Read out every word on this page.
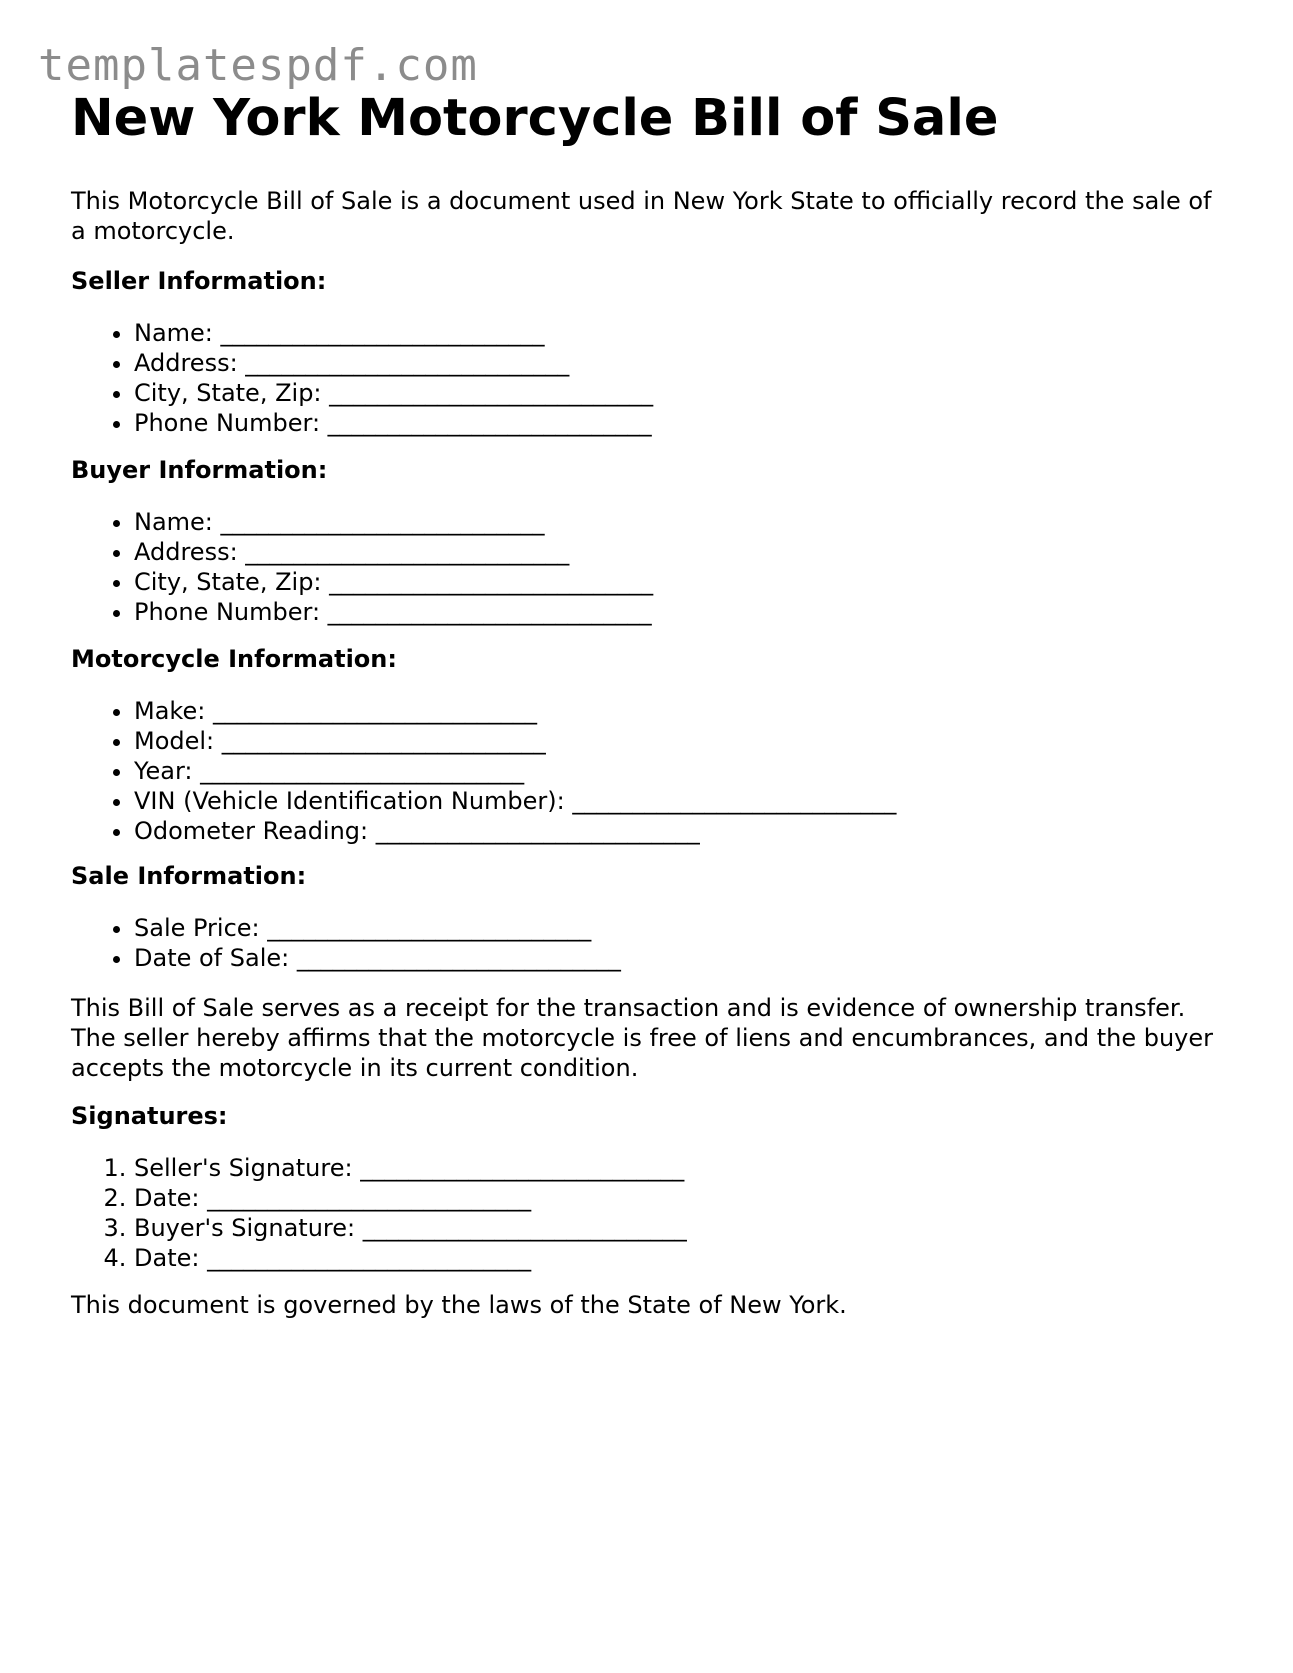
templatespdf.com
New York Motorcycle Bill of Sale

This Motorcycle Bill of Sale is a document used in New York State to officially record the sale of a motorcycle.

Seller Information:

• Name: ___________________________
• Address: ___________________________
• City, State, Zip: ___________________________
• Phone Number: ___________________________

Buyer Information:

• Name: ___________________________
• Address: ___________________________
• City, State, Zip: ___________________________
• Phone Number: ___________________________

Motorcycle Information:

• Make: ___________________________
• Model: ___________________________
• Year: ___________________________
• VIN (Vehicle Identification Number): ___________________________
• Odometer Reading: ___________________________

Sale Information:

• Sale Price: ___________________________
• Date of Sale: ___________________________

This Bill of Sale serves as a receipt for the transaction and is evidence of ownership transfer. The seller hereby affirms that the motorcycle is free of liens and encumbrances, and the buyer accepts the motorcycle in its current condition.

Signatures:

1. Seller's Signature: ___________________________
2. Date: ___________________________
3. Buyer's Signature: ___________________________
4. Date: ___________________________

This document is governed by the laws of the State of New York.
